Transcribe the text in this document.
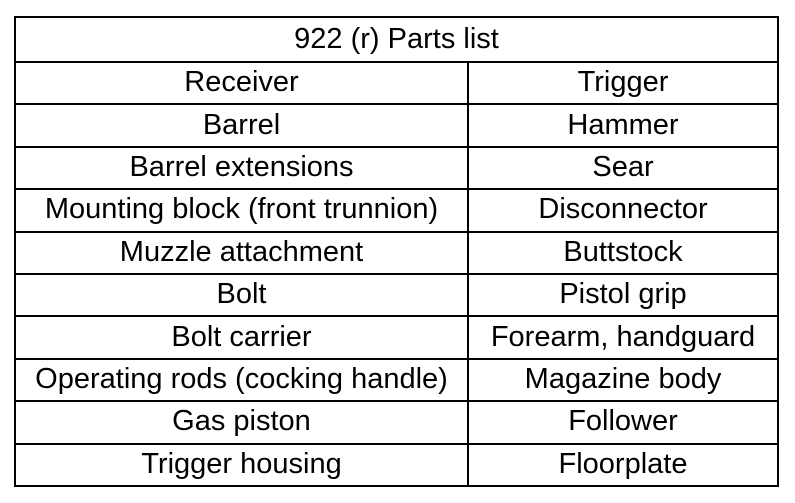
922 (r) Parts list	
Receiver	Trigger
Barrel	Hammer
Barrel extensions	Sear
Mounting block (front trunnion)	Disconnector
Muzzle attachment	Buttstock
Bolt	Pistol grip
Bolt carrier	Forearm, handguard
Operating rods (cocking handle)	Magazine body
Gas piston	Follower
Trigger housing	Floorplate
